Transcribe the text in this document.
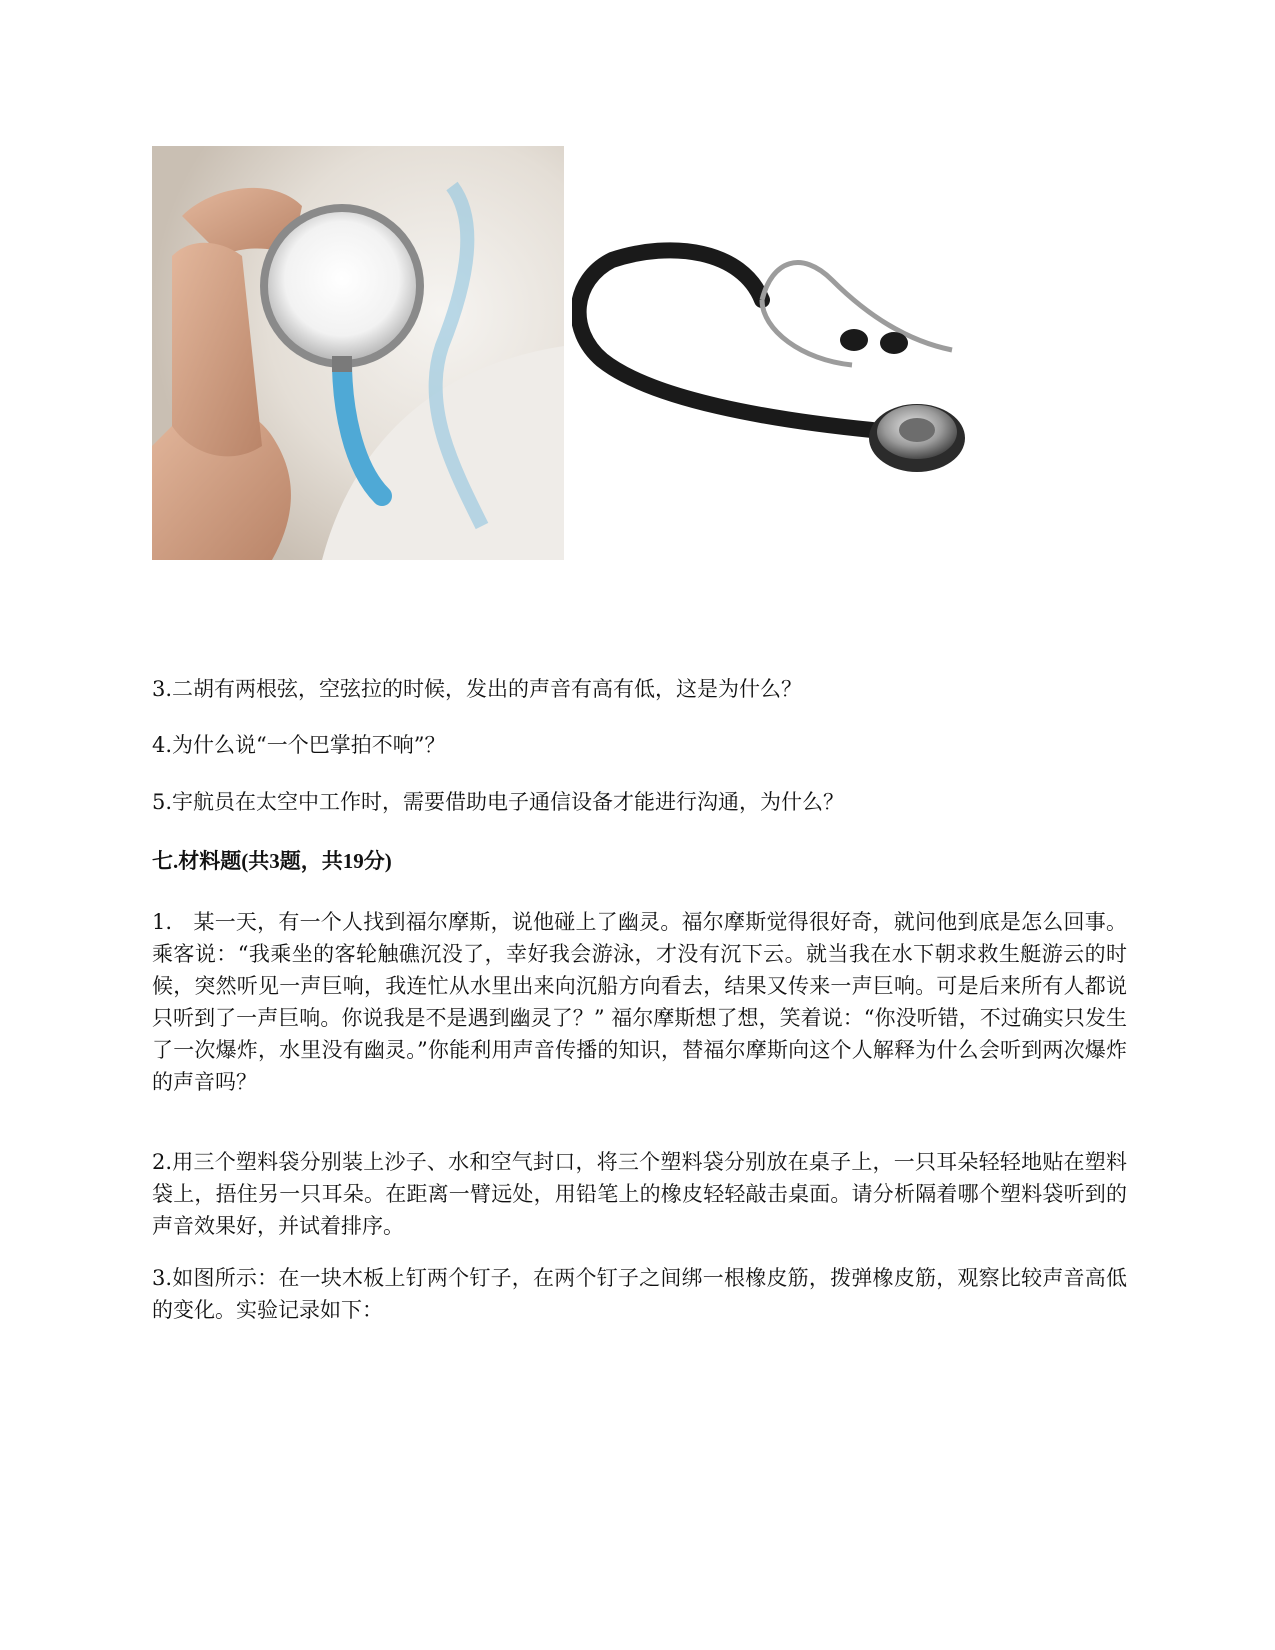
3.二胡有两根弦，空弦拉的时候，发出的声音有高有低，这是为什么？

4.为什么说“一个巴掌拍不响”？

5.宇航员在太空中工作时，需要借助电子通信设备才能进行沟通，为什么？

七.材料题(共3题，共19分)

1.　某一天，有一个人找到福尔摩斯，说他碰上了幽灵。福尔摩斯觉得很好奇，就问他到底是怎么回事。乘客说：“我乘坐的客轮触礁沉没了，幸好我会游泳，才没有沉下云。就当我在水下朝求救生艇游云的时候，突然听见一声巨响，我连忙从水里出来向沉船方向看去，结果又传来一声巨响。可是后来所有人都说只听到了一声巨响。你说我是不是遇到幽灵了？” 福尔摩斯想了想，笑着说：“你没听错，不过确实只发生了一次爆炸，水里没有幽灵。”你能利用声音传播的知识，替福尔摩斯向这个人解释为什么会听到两次爆炸的声音吗？

2.用三个塑料袋分别装上沙子、水和空气封口，将三个塑料袋分别放在桌子上，一只耳朵轻轻地贴在塑料袋上，捂住另一只耳朵。在距离一臂远处，用铅笔上的橡皮轻轻敲击桌面。请分析隔着哪个塑料袋听到的声音效果好，并试着排序。

3.如图所示：在一块木板上钉两个钉子，在两个钉子之间绑一根橡皮筋，拨弹橡皮筋，观察比较声音高低的变化。实验记录如下：
